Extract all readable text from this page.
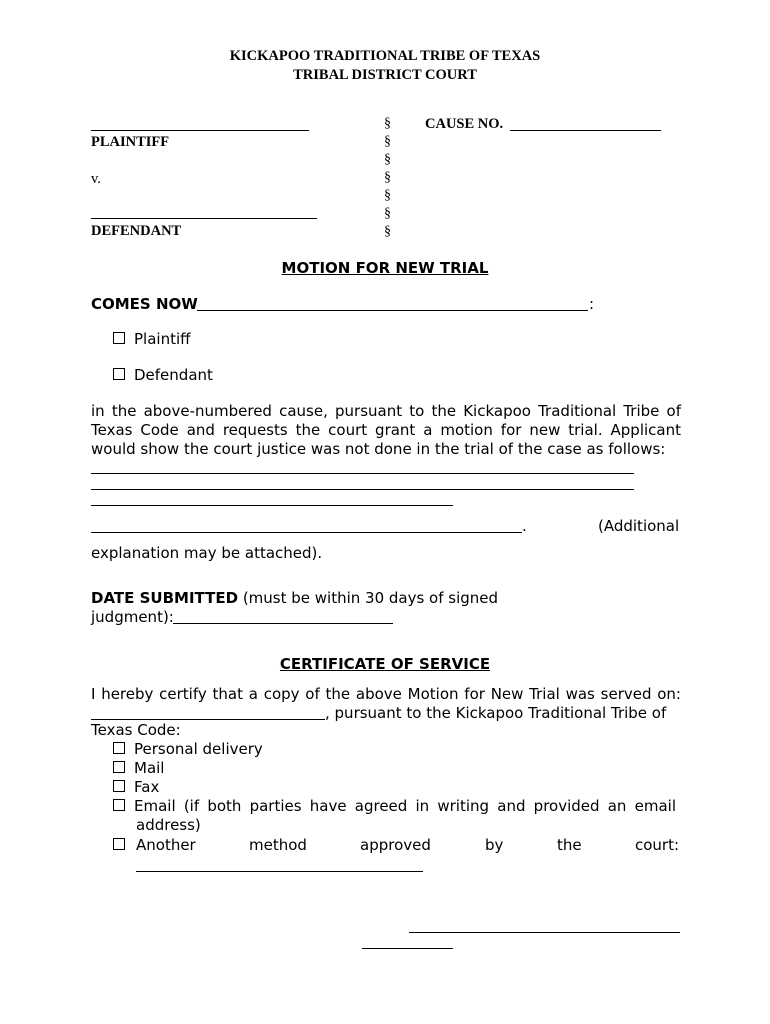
KICKAPOO TRADITIONAL TRIBE OF TEXAS
TRIBAL DISTRICT COURT
PLAINTIFF
v.
DEFENDANT
§
§
§
§
§
§
§
CAUSE NO.
MOTION FOR NEW TRIAL
COMES NOW	:
Plaintiff
Defendant
in the above-numbered cause, pursuant to the Kickapoo Traditional Tribe of Texas Code and requests the court grant a motion for new trial. Applicant would show the court justice was not done in the trial of the case as follows:
.	(Additional
explanation may be attached).
DATE SUBMITTED (must be within 30 days of signed
judgment):
CERTIFICATE OF SERVICE
I hereby certify that a copy of the above Motion for New Trial was served on:
, pursuant to the Kickapoo Traditional Tribe of
Texas Code:
Personal delivery
Mail
Fax
Email (if both parties have agreed in writing and provided an email
address)
Another	method	approved	by	the	court:
